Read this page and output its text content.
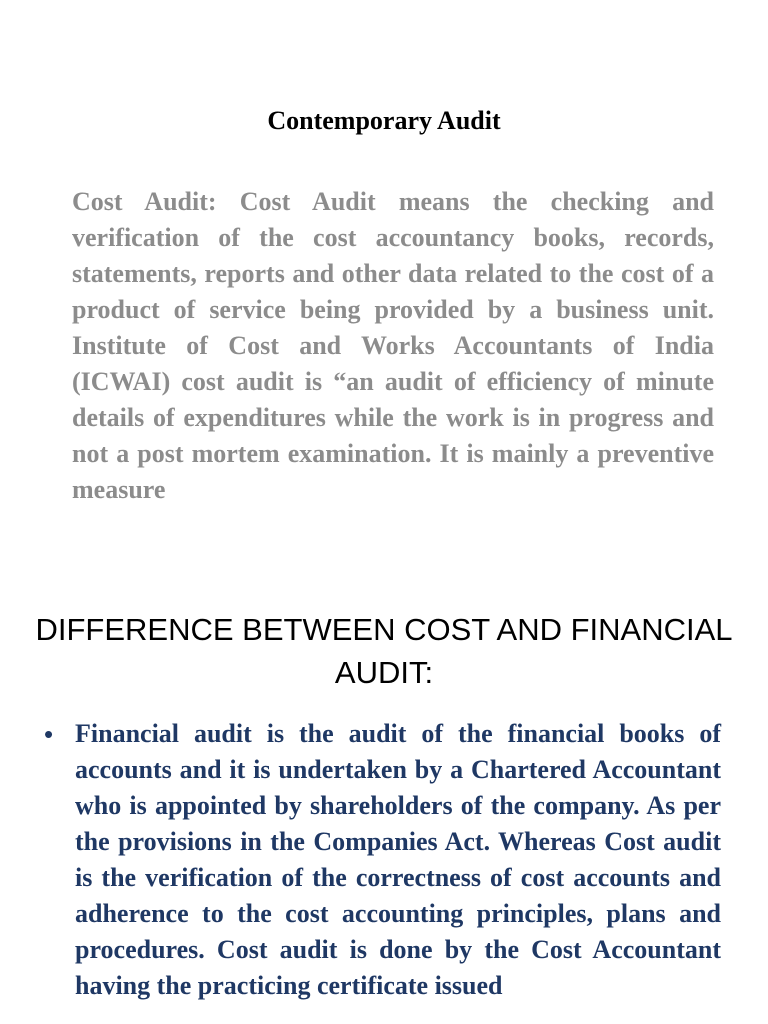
Contemporary Audit

Cost Audit: Cost Audit means the checking and verification of the cost accountancy books, records, statements, reports and other data related to the cost of a product of service being provided by a business unit. Institute of Cost and Works Accountants of India (ICWAI) cost audit is “an audit of efficiency of minute details of expenditures while the work is in progress and not a post mortem examination. It is mainly a preventive measure

DIFFERENCE BETWEEN COST AND FINANCIAL AUDIT:
• Financial audit is the audit of the financial books of accounts and it is undertaken by a Chartered Accountant who is appointed by shareholders of the company. As per the provisions in the Companies Act. Whereas Cost audit is the verification of the correctness of cost accounts and adherence to the cost accounting principles, plans and procedures. Cost audit is done by the Cost Accountant having the practicing certificate issued
